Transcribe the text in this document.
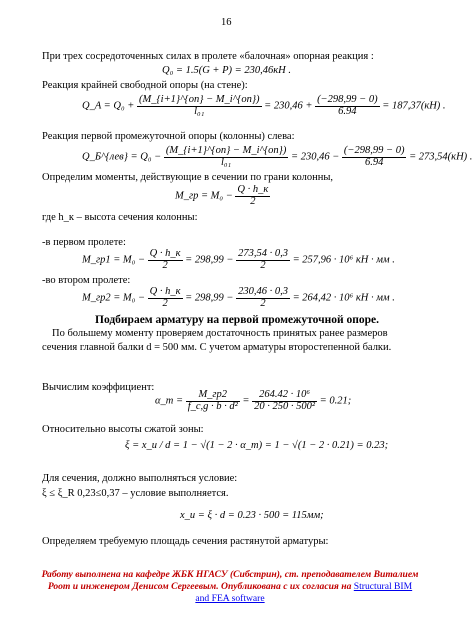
16
При трех сосредоточенных силах в пролете «балочная» опорная реакция :
Q₀ = 1.5(G + P) = 230,46кН .
Реакция крайней свободной опоры (на стене):
Q_A = $Q_0 + \frac{(M\_\{i+1\}\^{}\{оп\} - M\_i\^{}\{оп\})}{\text{l₀₁}} = 230,46 + \frac{(-298,99 - 0)}{6.94} = 187,37(кН)$ .
Реакция первой промежуточной опоры (колонны) слева:
Q_Б^{лев} = $Q_0 - \frac{(M\_\{i+1\}\^{}\{оп\} - M\_i\^{}\{оп\})}{\text{l₀₁}} = 230,46 - \frac{(-298,99 - 0)}{6.94} = 273,54(кН)$ .
Определим моменты, действующие в сечении по грани колонны,
M_гр = $M_0 - \frac{Q \cdot h\_к}{2}$
где h_к – высота сечения колонны:
-в первом пролете:
M_гр1 = $M_0 - \frac{Q \cdot h\_к}{2} = 298,99 - \frac{273,54 \cdot 0,3}{2} = 257,96 \cdot 10^6$ кН · мм .
-во втором пролете:
M_гр2 = $M_0 - \frac{Q \cdot h\_к}{2} = 298,99 - \frac{230,46 \cdot 0,3}{2} = 264,42 \cdot 10^6$ кН · мм .
Подбираем арматуру на первой промежуточной опоре.
По большему моменту проверяем достаточность принятых ранее размеров
сечения главной балки d = 500 мм. С учетом арматуры второстепенной балки.
Вычислим коэффициент:
α_m = $\frac{M\_гр2}{\text{f\_c,g · b · d²}} = \frac{\text{264.42 · 10⁶}}{\text{20 · 250 · 500²}} = 0.21$;
Относительно высоты сжатой зоны:
ξ = x_u / d = 1 − √(1 − 2 · α_m) = 1 − √(1 − 2 · 0.21) = 0.23;
Для сечения, должно выполняться условие:
ξ ≤ ξ_R 0,23≤0,37 – условие выполняется.
x_u = ξ · d = 0.23 · 500 = 115мм;
Определяем требуемую площадь сечения растянутой арматуры:
Работу выполнена на кафедре ЖБК НГАСУ (Сибстрин), ст. преподавателем Виталием Роот и инженером Денисом Сергеевым. Опубликована с их согласия на Structural BIM and FEA software
